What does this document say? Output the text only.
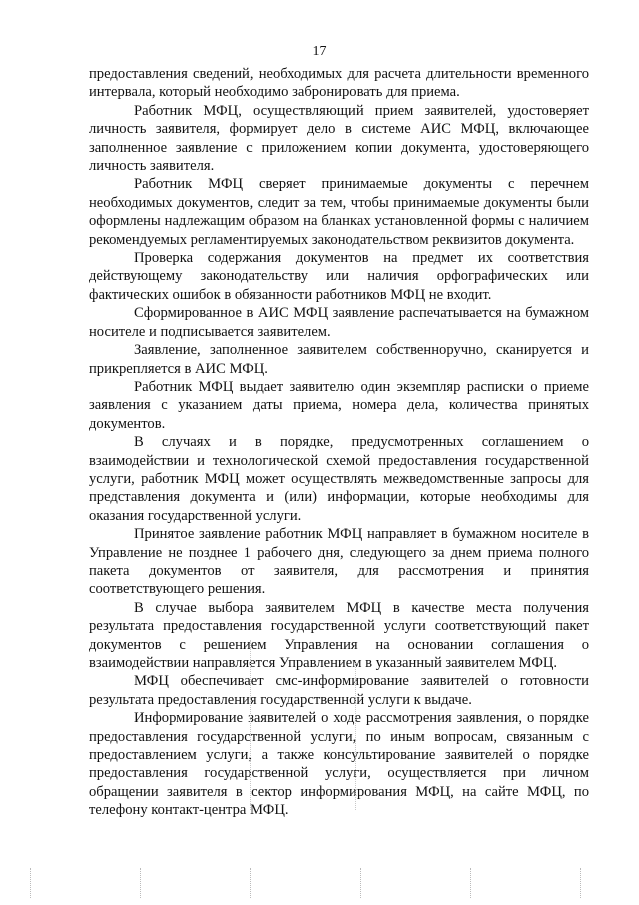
17

предоставления сведений, необходимых для расчета длительности временного интервала, который необходимо забронировать для приема.

Работник МФЦ, осуществляющий прием заявителей, удостоверяет личность заявителя, формирует дело в системе АИС МФЦ, включающее заполненное заявление с приложением копии документа, удостоверяющего личность заявителя.

Работник МФЦ сверяет принимаемые документы с перечнем необходимых документов, следит за тем, чтобы принимаемые документы были оформлены надлежащим образом на бланках установленной формы с наличием рекомендуемых регламентируемых законодательством реквизитов документа.

Проверка содержания документов на предмет их соответствия действующему законодательству или наличия орфографических или фактических ошибок в обязанности работников МФЦ не входит.

Сформированное в АИС МФЦ заявление распечатывается на бумажном носителе и подписывается заявителем.

Заявление, заполненное заявителем собственноручно, сканируется и прикрепляется в АИС МФЦ.

Работник МФЦ выдает заявителю один экземпляр расписки о приеме заявления с указанием даты приема, номера дела, количества принятых документов.

В случаях и в порядке, предусмотренных соглашением о взаимодействии и технологической схемой предоставления государственной услуги, работник МФЦ может осуществлять межведомственные запросы для представления документа и (или) информации, которые необходимы для оказания государственной услуги.

Принятое заявление работник МФЦ направляет в бумажном носителе в Управление не позднее 1 рабочего дня, следующего за днем приема полного пакета документов от заявителя, для рассмотрения и принятия соответствующего решения.

В случае выбора заявителем МФЦ в качестве места получения результата предоставления государственной услуги соответствующий пакет документов с решением Управления на основании соглашения о взаимодействии направляется Управлением в указанный заявителем МФЦ.

МФЦ обеспечивает смс-информирование заявителей о готовности результата предоставления государственной услуги к выдаче.

Информирование заявителей о ходе рассмотрения заявления, о порядке предоставления государственной услуги, по иным вопросам, связанным с предоставлением услуги, а также консультирование заявителей о порядке предоставления государственной услуги, осуществляется при личном обращении заявителя в сектор информирования МФЦ, на сайте МФЦ, по телефону контакт-центра МФЦ.
